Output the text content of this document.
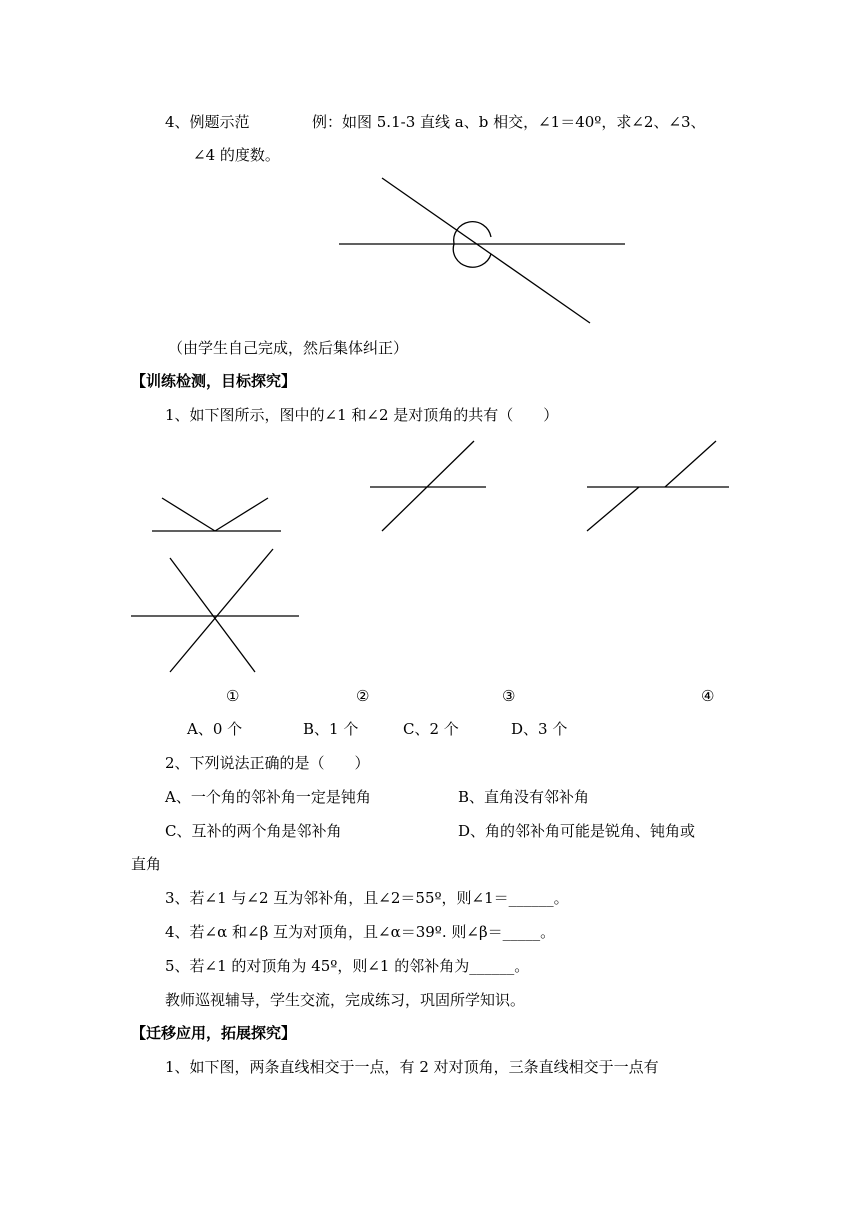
4、例题示范	例：如图 5.1-3 直线 a、b 相交，∠1＝40º，求∠2、∠3、
∠4 的度数。
（由学生自己完成，然后集体纠正）
【训练检测，目标探究】
1、如下图所示，图中的∠1 和∠2 是对顶角的共有（　　）
①	②	③	④
A、0 个	B、1 个	C、2 个	D、3 个
2、下列说法正确的是（　　）
A、一个角的邻补角一定是钝角	B、直角没有邻补角
C、互补的两个角是邻补角	D、角的邻补角可能是锐角、钝角或
直角
3、若∠1 与∠2 互为邻补角，且∠2＝55º，则∠1＝______。
4、若∠α 和∠β 互为对顶角，且∠α＝39º. 则∠β＝_____。
5、若∠1 的对顶角为 45º，则∠1 的邻补角为______。
教师巡视辅导，学生交流，完成练习，巩固所学知识。
【迁移应用，拓展探究】
1、如下图，两条直线相交于一点，有 2 对对顶角，三条直线相交于一点有
